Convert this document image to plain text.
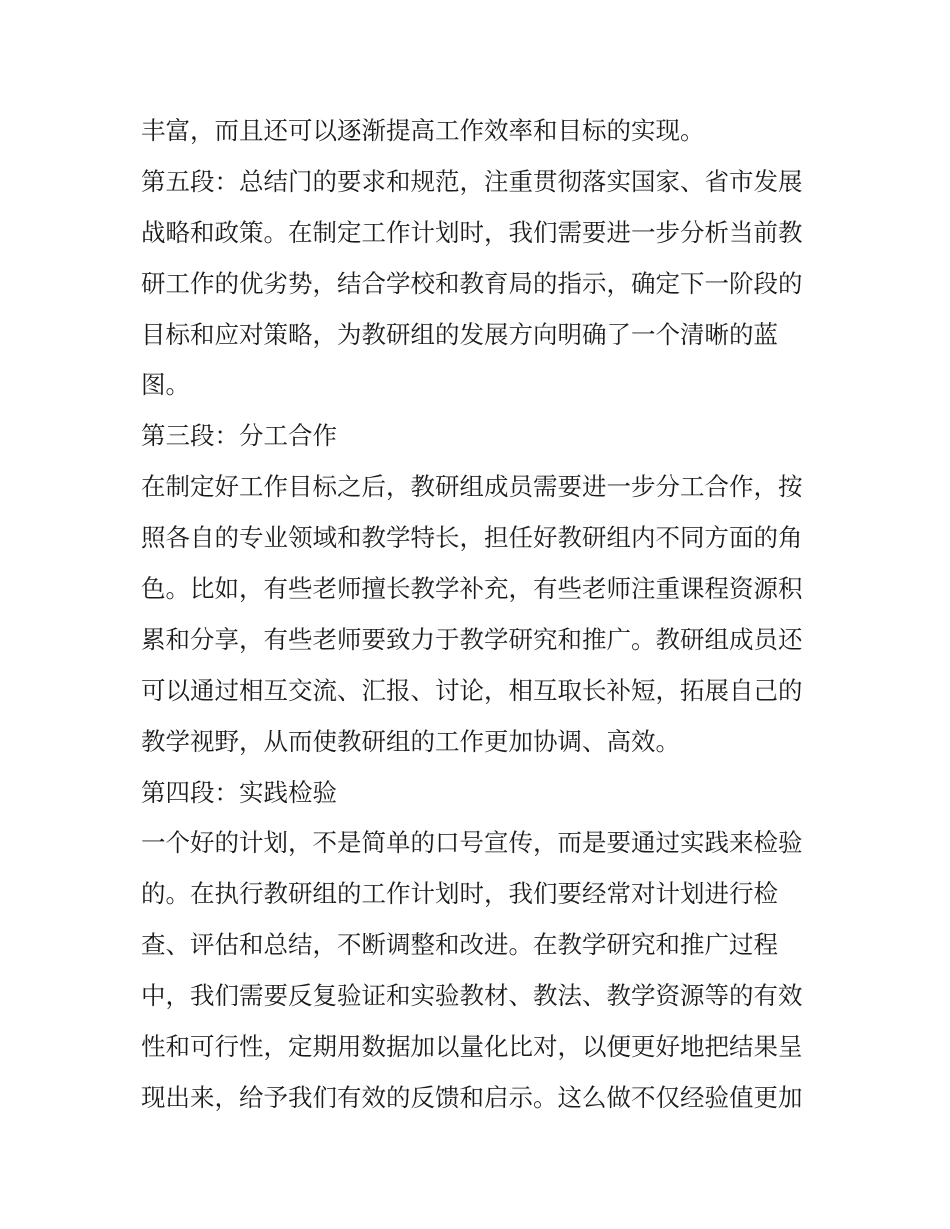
丰富，而且还可以逐渐提高工作效率和目标的实现。
第五段：总结门的要求和规范，注重贯彻落实国家、省市发展
战略和政策。在制定工作计划时，我们需要进一步分析当前教
研工作的优劣势，结合学校和教育局的指示，确定下一阶段的
目标和应对策略，为教研组的发展方向明确了一个清晰的蓝
图。
第三段：分工合作
在制定好工作目标之后，教研组成员需要进一步分工合作，按
照各自的专业领域和教学特长，担任好教研组内不同方面的角
色。比如，有些老师擅长教学补充，有些老师注重课程资源积
累和分享，有些老师要致力于教学研究和推广。教研组成员还
可以通过相互交流、汇报、讨论，相互取长补短，拓展自己的
教学视野，从而使教研组的工作更加协调、高效。
第四段：实践检验
一个好的计划，不是简单的口号宣传，而是要通过实践来检验
的。在执行教研组的工作计划时，我们要经常对计划进行检
查、评估和总结，不断调整和改进。在教学研究和推广过程
中，我们需要反复验证和实验教材、教法、教学资源等的有效
性和可行性，定期用数据加以量化比对，以便更好地把结果呈
现出来，给予我们有效的反馈和启示。这么做不仅经验值更加
